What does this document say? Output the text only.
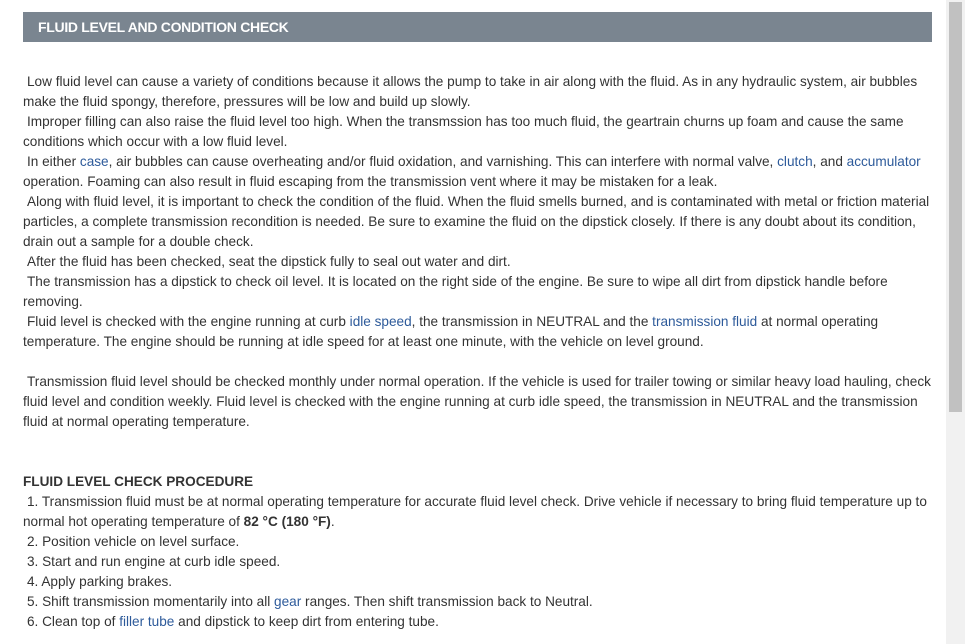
FLUID LEVEL AND CONDITION CHECK

Low fluid level can cause a variety of conditions because it allows the pump to take in air along with the fluid. As in any hydraulic system, air bubbles make the fluid spongy, therefore, pressures will be low and build up slowly.

Improper filling can also raise the fluid level too high. When the transmssion has too much fluid, the geartrain churns up foam and cause the same conditions which occur with a low fluid level.

In either case, air bubbles can cause overheating and/or fluid oxidation, and varnishing. This can interfere with normal valve, clutch, and accumulator operation. Foaming can also result in fluid escaping from the transmission vent where it may be mistaken for a leak.

Along with fluid level, it is important to check the condition of the fluid. When the fluid smells burned, and is contaminated with metal or friction material particles, a complete transmission recondition is needed. Be sure to examine the fluid on the dipstick closely. If there is any doubt about its condition, drain out a sample for a double check.

After the fluid has been checked, seat the dipstick fully to seal out water and dirt.

The transmission has a dipstick to check oil level. It is located on the right side of the engine. Be sure to wipe all dirt from dipstick handle before removing.

Fluid level is checked with the engine running at curb idle speed, the transmission in NEUTRAL and the transmission fluid at normal operating temperature. The engine should be running at idle speed for at least one minute, with the vehicle on level ground.

Transmission fluid level should be checked monthly under normal operation. If the vehicle is used for trailer towing or similar heavy load hauling, check fluid level and condition weekly. Fluid level is checked with the engine running at curb idle speed, the transmission in NEUTRAL and the transmission fluid at normal operating temperature.

FLUID LEVEL CHECK PROCEDURE

1. Transmission fluid must be at normal operating temperature for accurate fluid level check. Drive vehicle if necessary to bring fluid temperature up to normal hot operating temperature of 82 °C (180 °F).

2. Position vehicle on level surface.

3. Start and run engine at curb idle speed.

4. Apply parking brakes.

5. Shift transmission momentarily into all gear ranges. Then shift transmission back to Neutral.

6. Clean top of filler tube and dipstick to keep dirt from entering tube.
